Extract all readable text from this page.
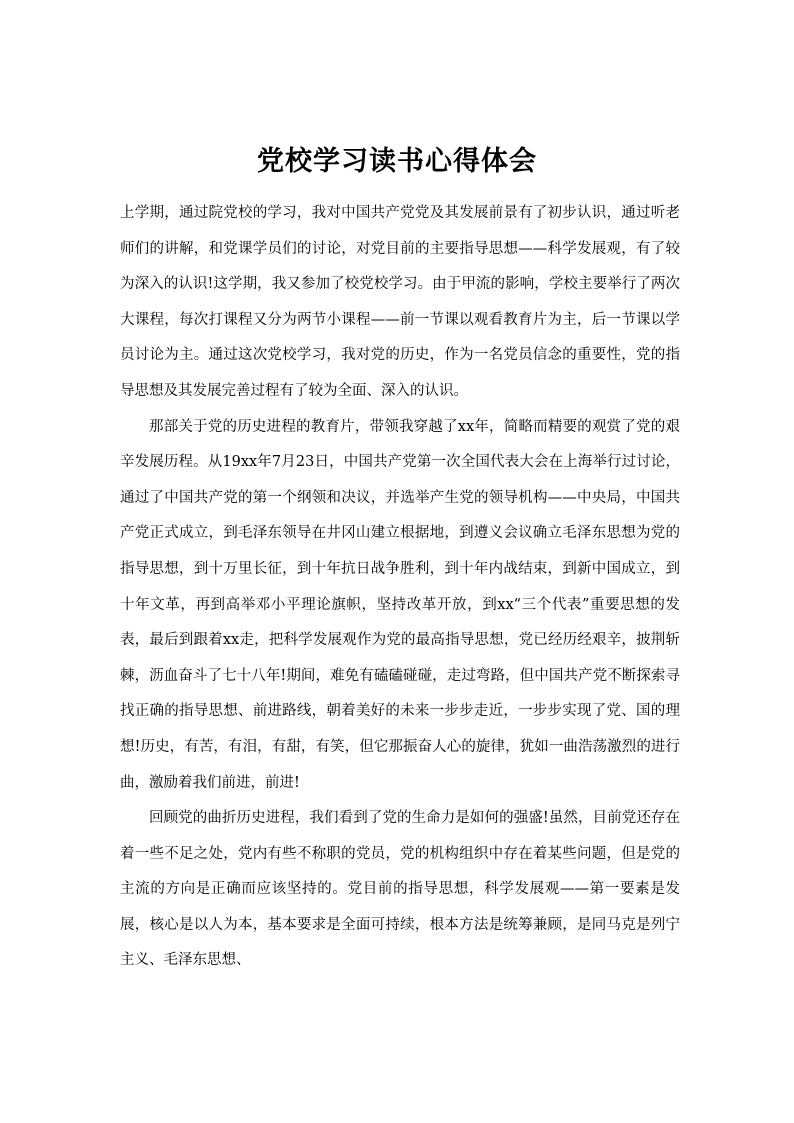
党校学习读书心得体会

上学期，通过院党校的学习，我对中国共产党党及其发展前景有了初步认识，通过听老师们的讲解，和党课学员们的讨论，对党目前的主要指导思想——科学发展观，有了较为深入的认识!这学期，我又参加了校党校学习。由于甲流的影响，学校主要举行了两次大课程，每次打课程又分为两节小课程——前一节课以观看教育片为主，后一节课以学员讨论为主。通过这次党校学习，我对党的历史，作为一名党员信念的重要性，党的指导思想及其发展完善过程有了较为全面、深入的认识。

那部关于党的历史进程的教育片，带领我穿越了xx年，简略而精要的观赏了党的艰辛发展历程。从19xx年7月23日，中国共产党第一次全国代表大会在上海举行过讨论，通过了中国共产党的第一个纲领和决议，并选举产生党的领导机构——中央局，中国共产党正式成立，到毛泽东领导在井冈山建立根据地，到遵义会议确立毛泽东思想为党的指导思想，到十万里长征，到十年抗日战争胜利，到十年内战结束，到新中国成立，到十年文革，再到高举邓小平理论旗帜，坚持改革开放，到xx“三个代表”重要思想的发表，最后到跟着xx走，把科学发展观作为党的最高指导思想，党已经历经艰辛，披荆斩棘，沥血奋斗了七十八年!期间，难免有磕磕碰碰，走过弯路，但中国共产党不断探索寻找正确的指导思想、前进路线，朝着美好的未来一步步走近，一步步实现了党、国的理想!历史，有苦，有泪，有甜，有笑，但它那振奋人心的旋律，犹如一曲浩荡激烈的进行曲，激励着我们前进，前进!

回顾党的曲折历史进程，我们看到了党的生命力是如何的强盛!虽然，目前党还存在着一些不足之处，党内有些不称职的党员，党的机构组织中存在着某些问题，但是党的主流的方向是正确而应该坚持的。党目前的指导思想，科学发展观——第一要素是发展，核心是以人为本，基本要求是全面可持续，根本方法是统筹兼顾，是同马克是列宁主义、毛泽东思想、
